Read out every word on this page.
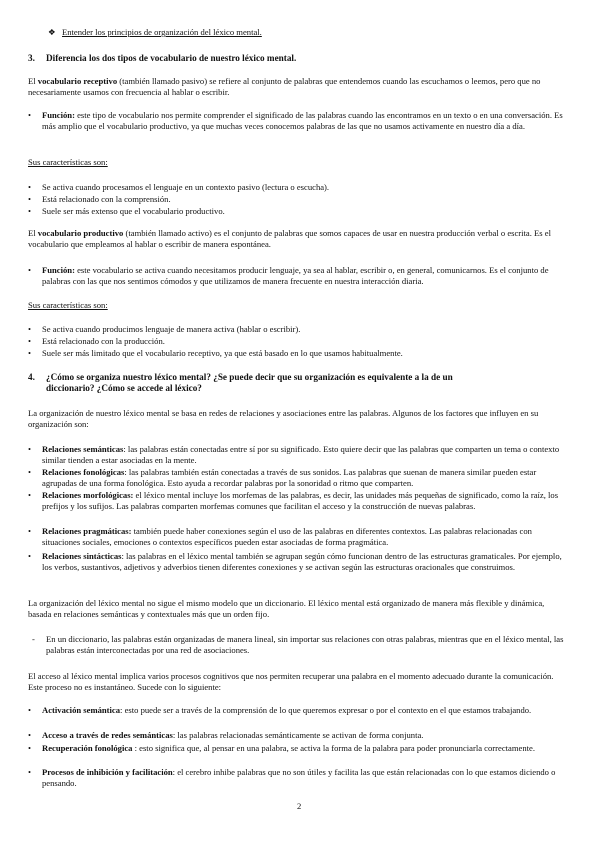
❖ Entender los principios de organización del léxico mental.
3. Diferencia los dos tipos de vocabulario de nuestro léxico mental.
El vocabulario receptivo (también llamado pasivo) se refiere al conjunto de palabras que entendemos cuando las escuchamos o leemos, pero que no necesariamente usamos con frecuencia al hablar o escribir.
• Función: este tipo de vocabulario nos permite comprender el significado de las palabras cuando las encontramos en un texto o en una conversación. Es más amplio que el vocabulario productivo, ya que muchas veces conocemos palabras de las que no usamos activamente en nuestro día a día.
Sus características son:
• Se activa cuando procesamos el lenguaje en un contexto pasivo (lectura o escucha).
• Está relacionado con la comprensión.
• Suele ser más extenso que el vocabulario productivo.
El vocabulario productivo (también llamado activo) es el conjunto de palabras que somos capaces de usar en nuestra producción verbal o escrita. Es el vocabulario que empleamos al hablar o escribir de manera espontánea.
• Función: este vocabulario se activa cuando necesitamos producir lenguaje, ya sea al hablar, escribir o, en general, comunicarnos. Es el conjunto de palabras con las que nos sentimos cómodos y que utilizamos de manera frecuente en nuestra interacción diaria.
Sus características son:
• Se activa cuando producimos lenguaje de manera activa (hablar o escribir).
• Está relacionado con la producción.
• Suele ser más limitado que el vocabulario receptivo, ya que está basado en lo que usamos habitualmente.
4. ¿Cómo se organiza nuestro léxico mental? ¿Se puede decir que su organización es equivalente a la de un
diccionario? ¿Cómo se accede al léxico?
La organización de nuestro léxico mental se basa en redes de relaciones y asociaciones entre las palabras. Algunos de los factores que influyen en su organización son:
• Relaciones semánticas: las palabras están conectadas entre sí por su significado. Esto quiere decir que las palabras que comparten un tema o contexto similar tienden a estar asociadas en la mente.
• Relaciones fonológicas: las palabras también están conectadas a través de sus sonidos. Las palabras que suenan de manera similar pueden estar agrupadas de una forma fonológica. Esto ayuda a recordar palabras por la sonoridad o ritmo que comparten.
• Relaciones morfológicas: el léxico mental incluye los morfemas de las palabras, es decir, las unidades más pequeñas de significado, como la raíz, los prefijos y los sufijos. Las palabras comparten morfemas comunes que facilitan el acceso y la construcción de nuevas palabras.
• Relaciones pragmáticas: también puede haber conexiones según el uso de las palabras en diferentes contextos. Las palabras relacionadas con situaciones sociales, emociones o contextos específicos pueden estar asociadas de forma pragmática.
• Relaciones sintácticas: las palabras en el léxico mental también se agrupan según cómo funcionan dentro de las estructuras gramaticales. Por ejemplo, los verbos, sustantivos, adjetivos y adverbios tienen diferentes conexiones y se activan según las estructuras oracionales que construimos.
La organización del léxico mental no sigue el mismo modelo que un diccionario. El léxico mental está organizado de manera más flexible y dinámica, basada en relaciones semánticas y contextuales más que un orden fijo.
- En un diccionario, las palabras están organizadas de manera lineal, sin importar sus relaciones con otras palabras, mientras que en el léxico mental, las palabras están interconectadas por una red de asociaciones.
El acceso al léxico mental implica varios procesos cognitivos que nos permiten recuperar una palabra en el momento adecuado durante la comunicación. Este proceso no es instantáneo. Sucede con lo siguiente:
• Activación semántica: esto puede ser a través de la comprensión de lo que queremos expresar o por el contexto en el que estamos trabajando.
• Acceso a través de redes semánticas: las palabras relacionadas semánticamente se activan de forma conjunta.
• Recuperación fonológica : esto significa que, al pensar en una palabra, se activa la forma de la palabra para poder pronunciarla correctamente.
• Procesos de inhibición y facilitación: el cerebro inhibe palabras que no son útiles y facilita las que están relacionadas con lo que estamos diciendo o pensando.
2
